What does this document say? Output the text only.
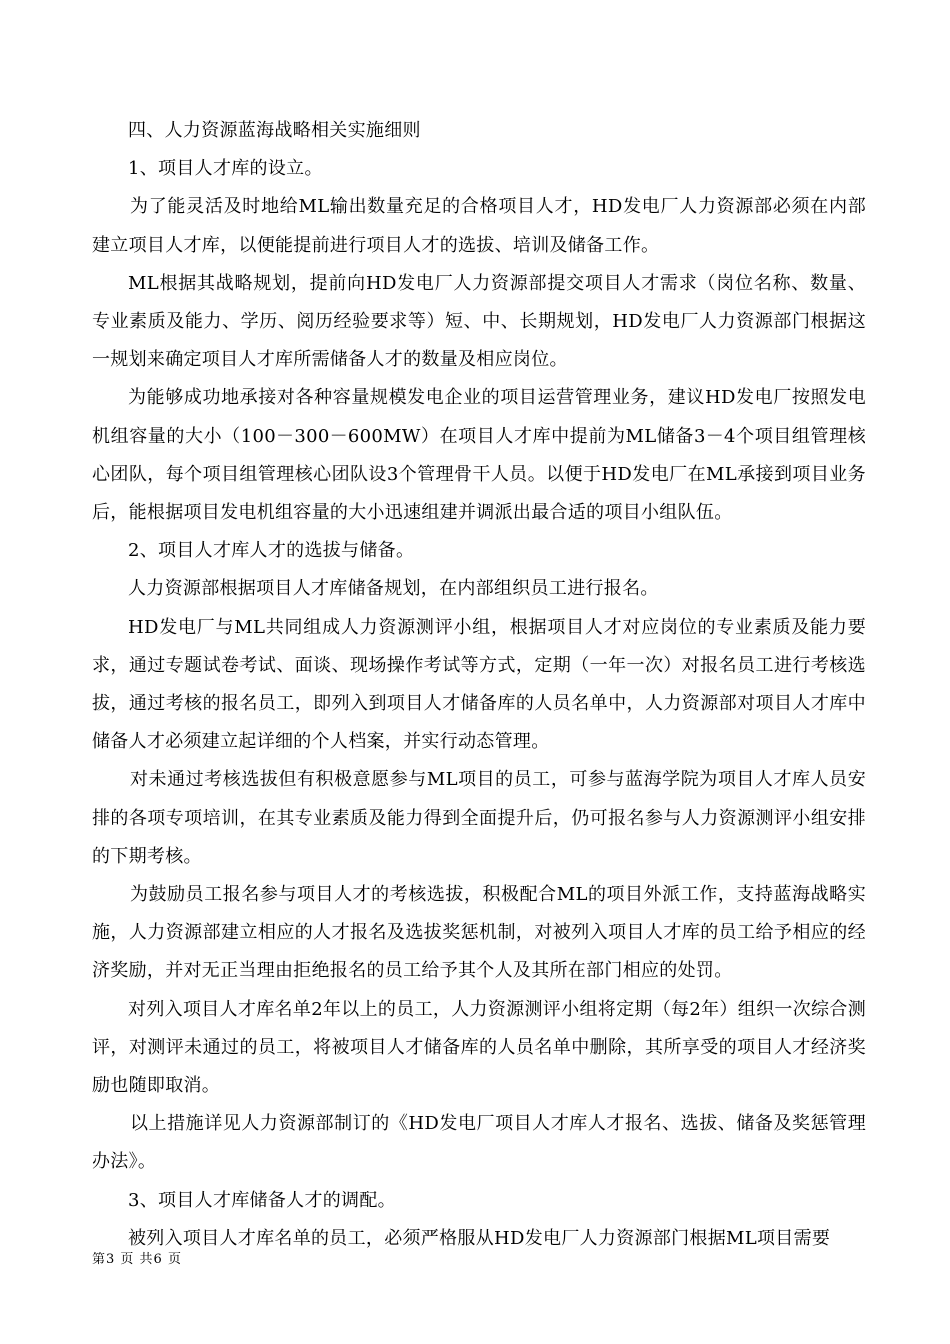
四、人力资源蓝海战略相关实施细则

1、项目人才库的设立。

为了能灵活及时地给ML输出数量充足的合格项目人才，HD发电厂人力资源部必须在内部建立项目人才库，以便能提前进行项目人才的选拔、培训及储备工作。

ML根据其战略规划，提前向HD发电厂人力资源部提交项目人才需求（岗位名称、数量、专业素质及能力、学历、阅历经验要求等）短、中、长期规划，HD发电厂人力资源部门根据这一规划来确定项目人才库所需储备人才的数量及相应岗位。

为能够成功地承接对各种容量规模发电企业的项目运营管理业务，建议HD发电厂按照发电机组容量的大小（100－300－600MW）在项目人才库中提前为ML储备3－4个项目组管理核心团队，每个项目组管理核心团队设3个管理骨干人员。以便于HD发电厂在ML承接到项目业务后，能根据项目发电机组容量的大小迅速组建并调派出最合适的项目小组队伍。

2、项目人才库人才的选拔与储备。

人力资源部根据项目人才库储备规划，在内部组织员工进行报名。

HD发电厂与ML共同组成人力资源测评小组，根据项目人才对应岗位的专业素质及能力要求，通过专题试卷考试、面谈、现场操作考试等方式，定期（一年一次）对报名员工进行考核选拔，通过考核的报名员工，即列入到项目人才储备库的人员名单中，人力资源部对项目人才库中储备人才必须建立起详细的个人档案，并实行动态管理。

对未通过考核选拔但有积极意愿参与ML项目的员工，可参与蓝海学院为项目人才库人员安排的各项专项培训，在其专业素质及能力得到全面提升后，仍可报名参与人力资源测评小组安排的下期考核。

为鼓励员工报名参与项目人才的考核选拔，积极配合ML的项目外派工作，支持蓝海战略实施，人力资源部建立相应的人才报名及选拔奖惩机制，对被列入项目人才库的员工给予相应的经济奖励，并对无正当理由拒绝报名的员工给予其个人及其所在部门相应的处罚。

对列入项目人才库名单2年以上的员工，人力资源测评小组将定期（每2年）组织一次综合测评，对测评未通过的员工，将被项目人才储备库的人员名单中删除，其所享受的项目人才经济奖励也随即取消。

以上措施详见人力资源部制订的《HD发电厂项目人才库人才报名、选拔、储备及奖惩管理办法》。

3、项目人才库储备人才的调配。

被列入项目人才库名单的员工，必须严格服从HD发电厂人力资源部门根据ML项目需要

第3 页 共6 页
